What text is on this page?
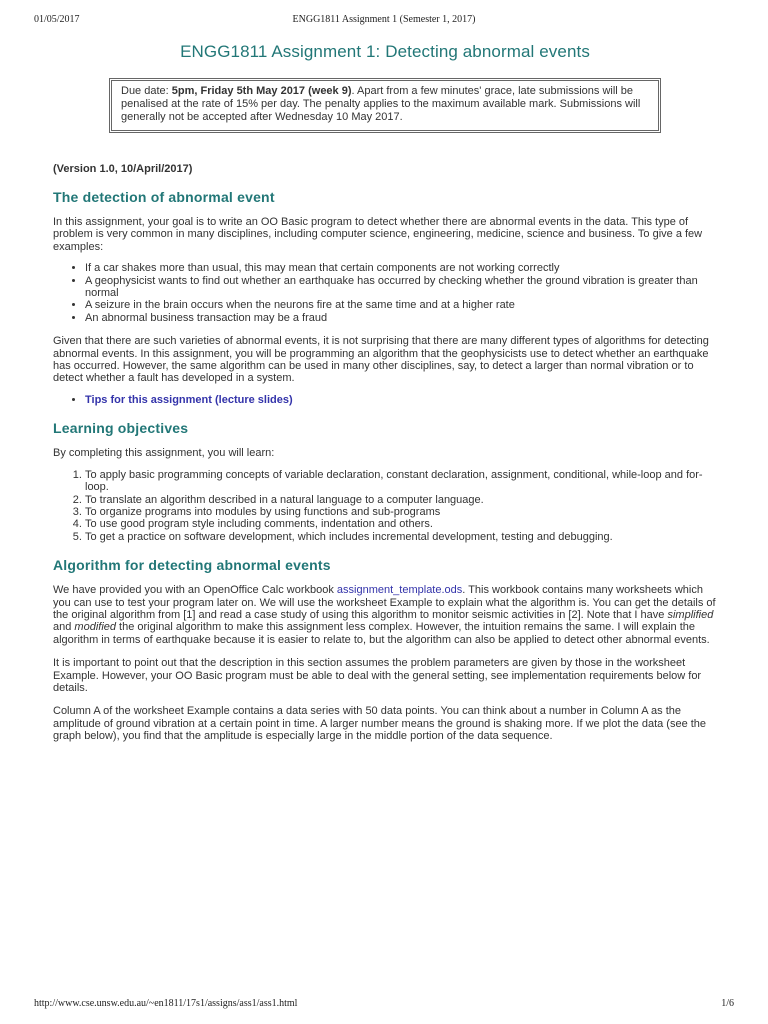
01/05/2017	ENGG1811 Assignment 1 (Semester 1, 2017)
ENGG1811 Assignment 1: Detecting abnormal events
Due date: 5pm, Friday 5th May 2017 (week 9). Apart from a few minutes' grace, late submissions will be penalised at the rate of 15% per day. The penalty applies to the maximum available mark. Submissions will generally not be accepted after Wednesday 10 May 2017.
(Version 1.0, 10/April/2017)
The detection of abnormal event

In this assignment, your goal is to write an OO Basic program to detect whether there are abnormal events in the data. This type of problem is very common in many disciplines, including computer science, engineering, medicine, science and business. To give a few examples:

• If a car shakes more than usual, this may mean that certain components are not working correctly
• A geophysicist wants to find out whether an earthquake has occurred by checking whether the ground vibration is greater than normal
• A seizure in the brain occurs when the neurons fire at the same time and at a higher rate
• An abnormal business transaction may be a fraud

Given that there are such varieties of abnormal events, it is not surprising that there are many different types of algorithms for detecting abnormal events. In this assignment, you will be programming an algorithm that the geophysicists use to detect whether an earthquake has occurred. However, the same algorithm can be used in many other disciplines, say, to detect a larger than normal vibration or to detect whether a fault has developed in a system.

• Tips for this assignment (lecture slides)
Learning objectives

By completing this assignment, you will learn:

1. To apply basic programming concepts of variable declaration, constant declaration, assignment, conditional, while-loop and for-loop.
2. To translate an algorithm described in a natural language to a computer language.
3. To organize programs into modules by using functions and sub-programs
4. To use good program style including comments, indentation and others.
5. To get a practice on software development, which includes incremental development, testing and debugging.
Algorithm for detecting abnormal events

We have provided you with an OpenOffice Calc workbook assignment_template.ods. This workbook contains many worksheets which you can use to test your program later on. We will use the worksheet Example to explain what the algorithm is. You can get the details of the original algorithm from [1] and read a case study of using this algorithm to monitor seismic activities in [2]. Note that I have simplified and modified the original algorithm to make this assignment less complex. However, the intuition remains the same. I will explain the algorithm in terms of earthquake because it is easier to relate to, but the algorithm can also be applied to detect other abnormal events.

It is important to point out that the description in this section assumes the problem parameters are given by those in the worksheet Example. However, your OO Basic program must be able to deal with the general setting, see implementation requirements below for details.

Column A of the worksheet Example contains a data series with 50 data points. You can think about a number in Column A as the amplitude of ground vibration at a certain point in time. A larger number means the ground is shaking more. If we plot the data (see the graph below), you find that the amplitude is especially large in the middle portion of the data sequence.

http://www.cse.unsw.edu.au/~en1811/17s1/assigns/ass1/ass1.html	1/6
